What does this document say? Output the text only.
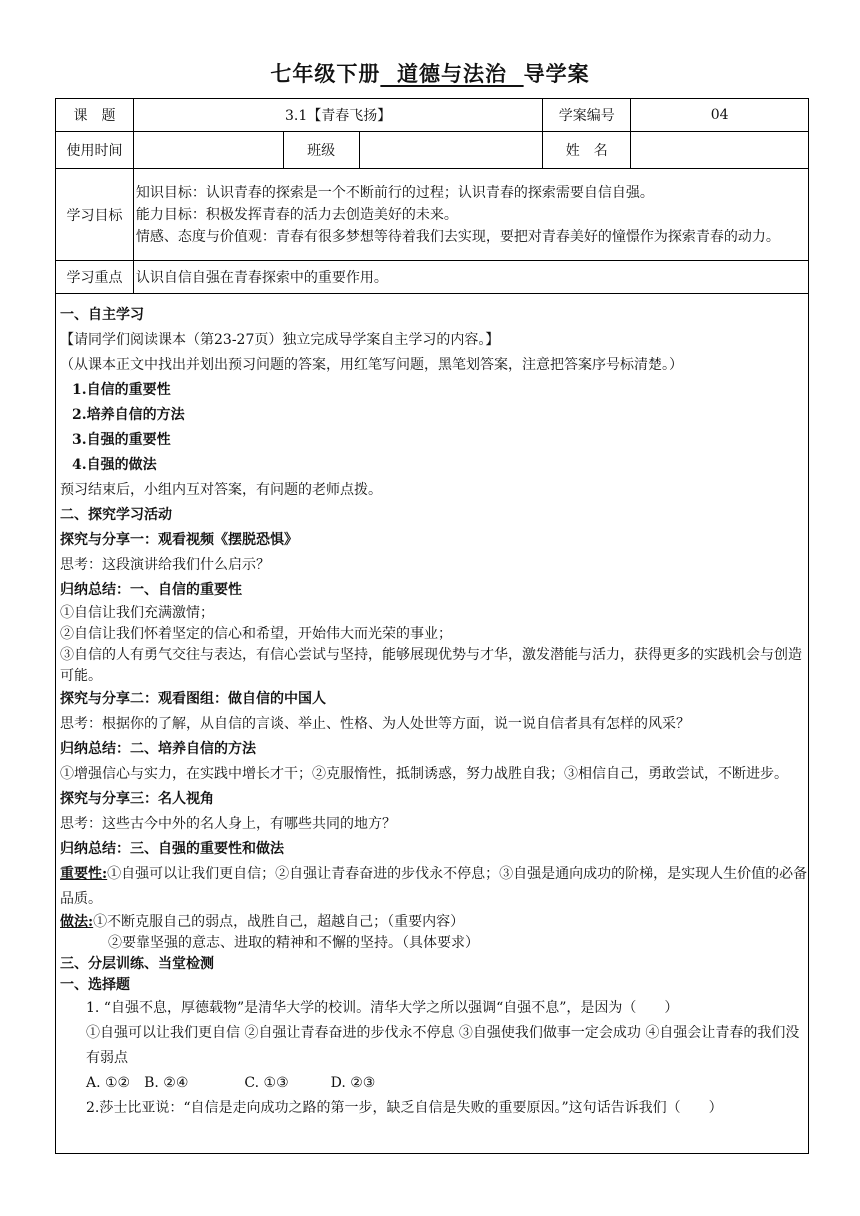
七年级下册 道德与法治 导学案
课　题	3.1【青春飞扬】			学案编号	04
使用时间		班级		姓　名	
学习目标	知识目标：认识青春的探索是一个不断前行的过程；认识青春的探索需要自信自强。
能力目标：积极发挥青春的活力去创造美好的未来。
情感、态度与价值观：青春有很多梦想等待着我们去实现，要把对青春美好的憧憬作为探索青春的动力。				

学习重点	认识自信自强在青春探索中的重要作用。				

一、自主学习

【请同学们阅读课本（第23-27页）独立完成导学案自主学习的内容。】

（从课本正文中找出并划出预习问题的答案，用红笔写问题，黑笔划答案，注意把答案序号标清楚。）

1.自信的重要性

2.培养自信的方法

3.自强的重要性

4.自强的做法

预习结束后，小组内互对答案，有问题的老师点拨。

二、探究学习活动

探究与分享一：观看视频《摆脱恐惧》

思考：这段演讲给我们什么启示？

归纳总结：一、自信的重要性

①自信让我们充满激情；

②自信让我们怀着坚定的信心和希望，开始伟大而光荣的事业；

③自信的人有勇气交往与表达，有信心尝试与坚持，能够展现优势与才华，激发潜能与活力，获得更多的实践机会与创造可能。

探究与分享二：观看图组：做自信的中国人

思考：根据你的了解，从自信的言谈、举止、性格、为人处世等方面，说一说自信者具有怎样的风采？

归纳总结：二、培养自信的方法

①增强信心与实力，在实践中增长才干；②克服惰性，抵制诱惑，努力战胜自我；③相信自己，勇敢尝试，不断进步。

探究与分享三：名人视角

思考：这些古今中外的名人身上，有哪些共同的地方？

归纳总结：三、自强的重要性和做法

重要性:①自强可以让我们更自信；②自强让青春奋进的步伐永不停息；③自强是通向成功的阶梯，是实现人生价值的必备品质。

做法:①不断克服自己的弱点，战胜自己，超越自己；（重要内容）

②要靠坚强的意志、进取的精神和不懈的坚持。（具体要求）

三、分层训练、当堂检测

一、选择题

1. “自强不息，厚德载物”是清华大学的校训。清华大学之所以强调“自强不息”，是因为（　　）

①自强可以让我们更自信 ②自强让青春奋进的步伐永不停息 ③自强使我们做事一定会成功 ④自强会让青春的我们没有弱点

A. ①②　B. ②④　　　　C. ①③　　　D. ②③

2.莎士比亚说：“自信是走向成功之路的第一步，缺乏自信是失败的重要原因。”这句话告诉我们（　　）
